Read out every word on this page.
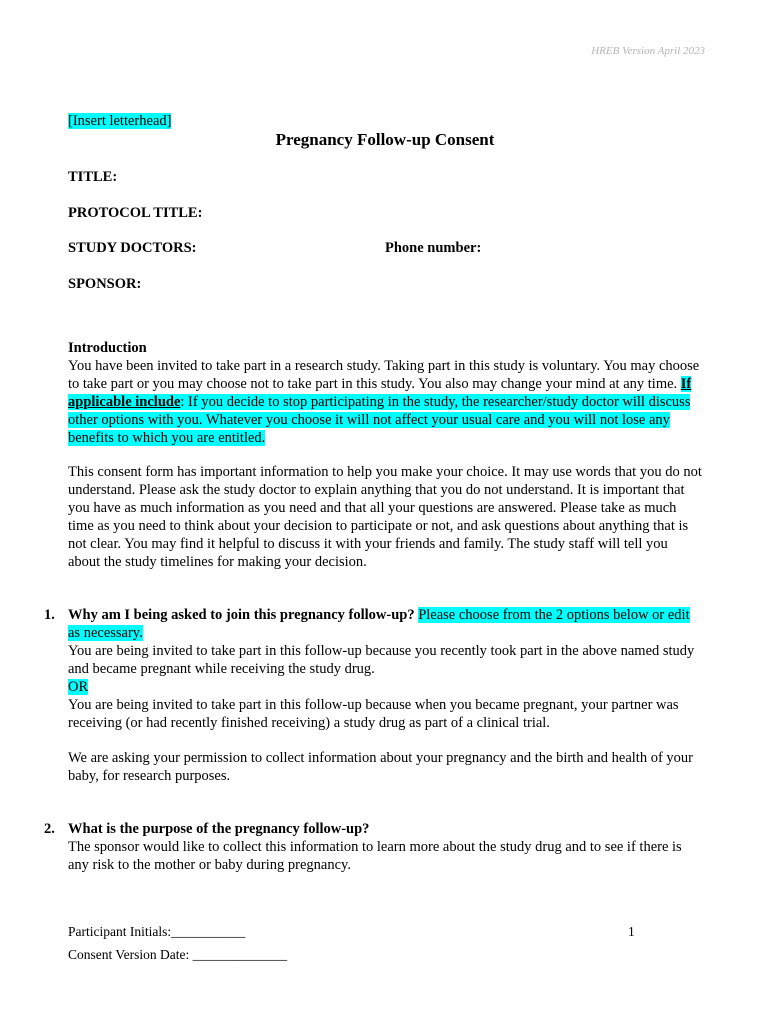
HREB Version April 2023
[Insert letterhead]
Pregnancy Follow-up Consent
TITLE:
PROTOCOL TITLE:
STUDY DOCTORS:	Phone number:
SPONSOR:
Introduction

You have been invited to take part in a research study. Taking part in this study is voluntary. You may choose to take part or you may choose not to take part in this study. You also may change your mind at any time. If applicable include: If you decide to stop participating in the study, the researcher/study doctor will discuss other options with you. Whatever you choose it will not affect your usual care and you will not lose any benefits to which you are entitled.

This consent form has important information to help you make your choice. It may use words that you do not understand. Please ask the study doctor to explain anything that you do not understand. It is important that you have as much information as you need and that all your questions are answered. Please take as much time as you need to think about your decision to participate or not, and ask questions about anything that is not clear. You may find it helpful to discuss it with your friends and family. The study staff will tell you about the study timelines for making your decision.
1. Why am I being asked to join this pregnancy follow-up? Please choose from the 2 options below or edit as necessary.

You are being invited to take part in this follow-up because you recently took part in the above named study and became pregnant while receiving the study drug.

OR

You are being invited to take part in this follow-up because when you became pregnant, your partner was receiving (or had recently finished receiving) a study drug as part of a clinical trial.

We are asking your permission to collect information about your pregnancy and the birth and health of your baby, for research purposes.

2. What is the purpose of the pregnancy follow-up?

The sponsor would like to collect this information to learn more about the study drug and to see if there is any risk to the mother or baby during pregnancy.

Participant Initials:___________	1
Consent Version Date: ______________
